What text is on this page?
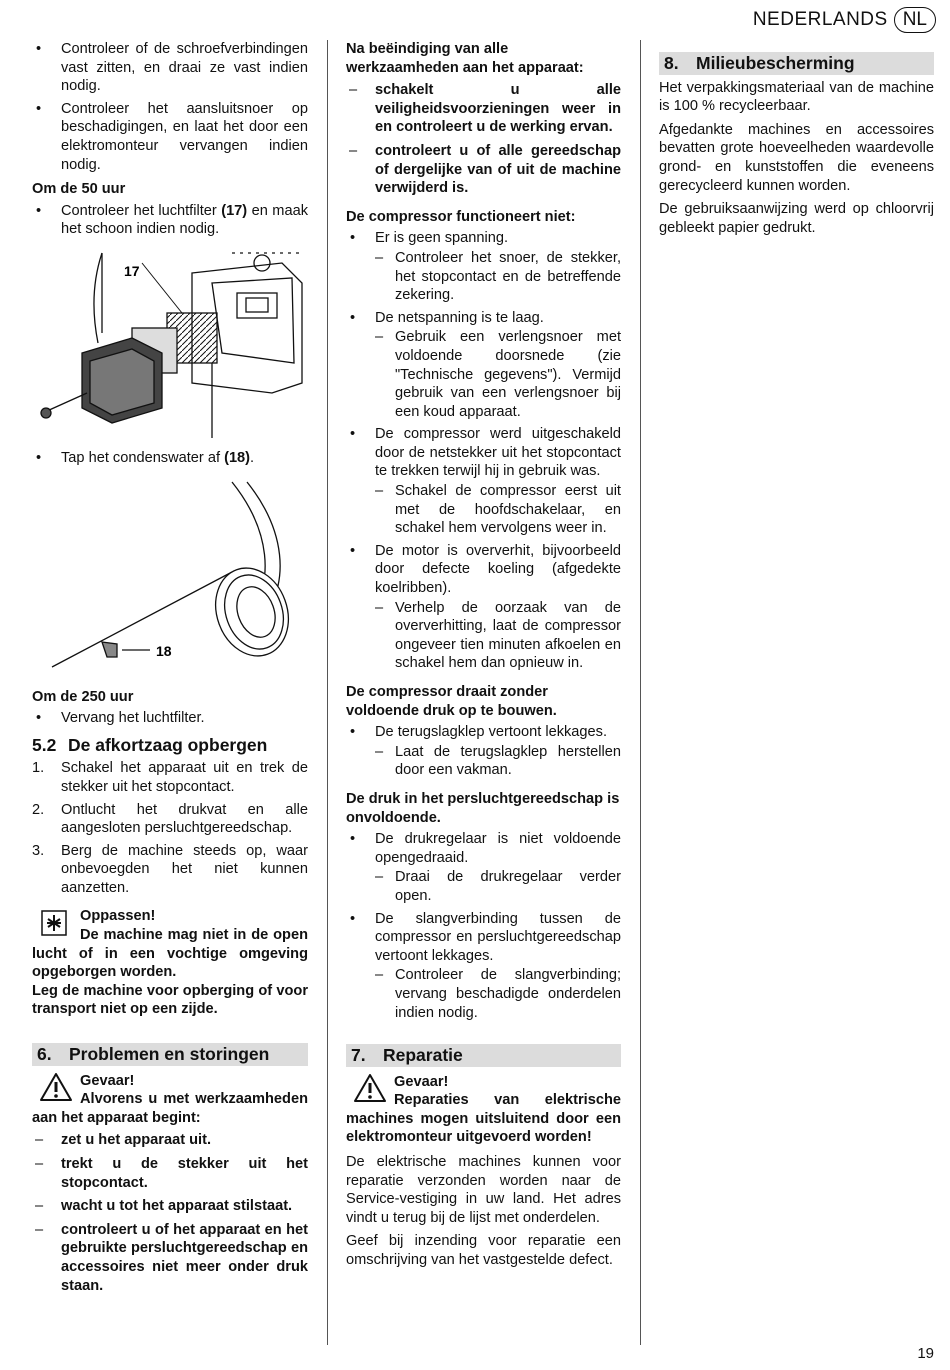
NEDERLANDS NL
• Controleer of de schroefverbindingen vast zitten, en draai ze vast indien nodig.
• Controleer het aansluitsnoer op beschadigingen, en laat het door een elektromonteur vervangen indien nodig.
Om de 50 uur
• Controleer het luchtfilter (17) en maak het schoon indien nodig.
17
• Tap het condenswater af (18).
18
Om de 250 uur
• Vervang het luchtfilter.
5.2 De afkortzaag opbergen
1. Schakel het apparaat uit en trek de stekker uit het stopcontact.
2. Ontlucht het drukvat en alle aangesloten persluchtgereedschap.
3. Berg de machine steeds op, waar onbevoegden het niet kunnen aanzetten.
Oppassen!
De machine mag niet in de open lucht of in een vochtige omgeving opgeborgen worden.
Leg de machine voor opberging of voor transport niet op een zijde.
6. Problemen en storingen
Gevaar!
Alvorens u met werkzaamheden aan het apparaat begint:
– zet u het apparaat uit.
– trekt u de stekker uit het stopcontact.
– wacht u tot het apparaat stilstaat.
– controleert u of het apparaat en het gebruikte persluchtgereedschap en accessoires niet meer onder druk staan.
Na beëindiging van alle werkzaamheden aan het apparaat:
– schakelt u alle veiligheidsvoorzieningen weer in en controleert u de werking ervan.
– controleert u of alle gereedschap of dergelijke van of uit de machine verwijderd is.
De compressor functioneert niet:
• Er is geen spanning.
– Controleer het snoer, de stekker, het stopcontact en de betreffende zekering.
• De netspanning is te laag.
– Gebruik een verlengsnoer met voldoende doorsnede (zie "Technische gegevens"). Vermijd gebruik van een verlengsnoer bij een koud apparaat.
• De compressor werd uitgeschakeld door de netstekker uit het stopcontact te trekken terwijl hij in gebruik was.
– Schakel de compressor eerst uit met de hoofdschakelaar, en schakel hem vervolgens weer in.
• De motor is oververhit, bijvoorbeeld door defecte koeling (afgedekte koelribben).
– Verhelp de oorzaak van de oververhitting, laat de compressor ongeveer tien minuten afkoelen en schakel hem dan opnieuw in.
De compressor draait zonder voldoende druk op te bouwen.
• De terugslagklep vertoont lekkages.
– Laat de terugslagklep herstellen door een vakman.
De druk in het persluchtgereedschap is onvoldoende.
• De drukregelaar is niet voldoende opengedraaid.
– Draai de drukregelaar verder open.
• De slangverbinding tussen de compressor en persluchtgereedschap vertoont lekkages.
– Controleer de slangverbinding; vervang beschadigde onderdelen indien nodig.
7. Reparatie
Gevaar!
Reparaties van elektrische machines mogen uitsluitend door een elektromonteur uitgevoerd worden!
De elektrische machines kunnen voor reparatie verzonden worden naar de Service-vestiging in uw land. Het adres vindt u terug bij de lijst met onderdelen.
Geef bij inzending voor reparatie een omschrijving van het vastgestelde defect.
8. Milieubescherming
Het verpakkingsmateriaal van de machine is 100 % recycleerbaar.
Afgedankte machines en accessoires bevatten grote hoeveelheden waardevolle grond- en kunststoffen die eveneens gerecycleerd kunnen worden.
De gebruiksaanwijzing werd op chloorvrij gebleekt papier gedrukt.
19
